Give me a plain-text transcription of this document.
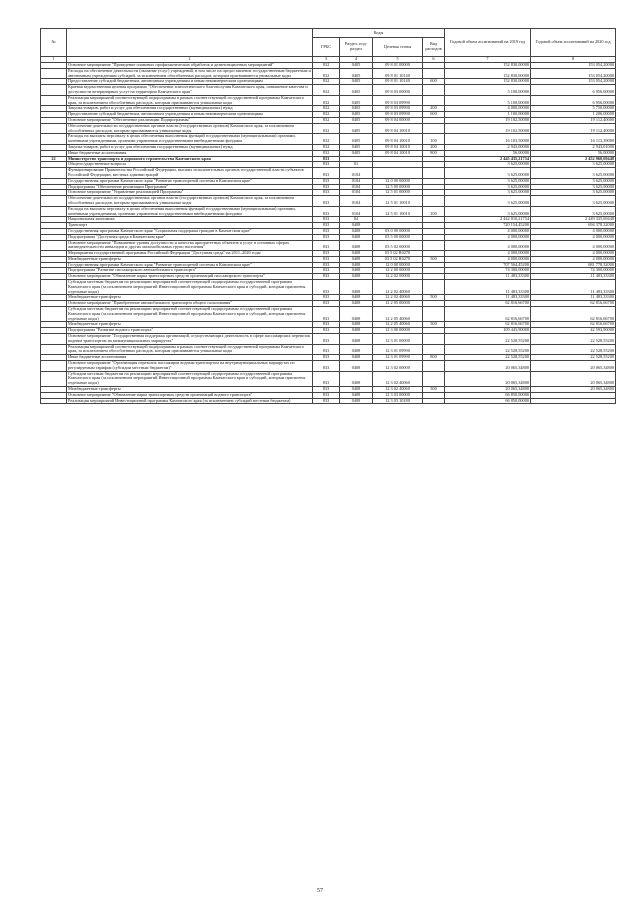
№		Коды				Годовой объем ассигнований на 2019 год	Годовой объем ассигнований на 2020 год
		ГРБС	Раздел, под-раздел	Целевая статья	Вид расходов		
1	2	3	4	5	6	7	8
	Основное мероприятие "Проведение плановых профилактических обработок и дезинсекционных мероприятий"	832	0405	09 8 01 00000		152 830,00000	153 054,20000
	Расходы на обеспечение деятельности (оказание услуг) учреждений, в том числе на предоставление государственным бюджетным и автономным учреждениям субсидий, за исключением обособленных расходов, которым присваиваются уникальные коды	832	0405	09 8 01 10140		152 830,00000	153 054,20000
	Предоставление субсидий бюджетным, автономным учреждениям и иным некоммерческим организациям	832	0405	09 8 01 10140	600	152 830,00000	153 054,20000
	Краевая ведомственная целевая программа "Обеспечение эпизоотического благополучия Камчатского края, повышение качества и доступности ветеринарных услуг на территории Камчатского края"	832	0405	09 8 03 00000		5 100,00000	6 956,00000
	Реализация мероприятий соответствующей подпрограммы в рамках соответствующей государственной программы Камчатского края, за исключением обособленных расходов, которым присваиваются уникальные коды	832	0405	09 8 03 09990		5 100,00000	6 956,00000
	Закупка товаров, работ и услуг для обеспечения государственных (муниципальных) нужд	832	0405	09 8 03 09990	200	4 000,00000	5 750,00000
	Предоставление субсидий бюджетным, автономным учреждениям и иным некоммерческим организациям	832	0405	09 8 03 09990	600	1 100,00000	1 206,00000
	Основное мероприятие "Обеспечение реализации Подпрограммы"	832	0405	09 8 04 00000		19 102,50000	19 112,40000
	Обеспечение деятельности государственных органов власти (государственных органов) Камчатского края, за исключением обособленных расходов, которым присваиваются уникальные коды	832	0405	09 8 04 10010		19 102,50000	19 112,40000
	Расходы на выплаты персоналу в целях обеспечения выполнения функций государственными (муниципальными) органами, казенными учреждениями, органами управления государственными внебюджетными фондами	832	0405	09 8 04 10010	100	16 103,50000	16 113,39000
	Закупка товаров, работ и услуг для обеспечения государственных (муниципальных) нужд	832	0405	09 8 04 10010	200	2 943,00000	2 943,01000
	Иные бюджетные ассигнования	832	0405	09 8 04 10010	800	56,00000	56,00000
22	Министерство транспорта и дорожного строительства Камчатского края	833				2 445 435,21754	2 452 960,69448
	Общегосударственные вопросы	833	01			3 625,00000	3 625,00000
	Функционирование Правительства Российской Федерации, высших исполнительных органов государственной власти субъектов Российской Федерации, местных администраций	833	0104			3 625,00000	3 625,00000
	Государственная программа Камчатского края "Развитие транспортной системы в Камчатском крае"	833	0104	12 0 00 00000		3 625,00000	3 625,00000
	Подпрограмма "Обеспечение реализации Программы"	833	0104	12 5 00 00000		3 625,00000	3 625,00000
	Основное мероприятие "Управление реализацией Программы"	833	0104	12 5 01 00000		3 625,00000	3 625,00000
	Обеспечение деятельности государственных органов власти (государственных органов) Камчатского края, за исключением обособленных расходов, которым присваиваются уникальные коды	833	0104	12 5 01 10010		3 625,00000	3 625,00000
	Расходы на выплаты персоналу в целях обеспечения выполнения функций государственными (муниципальными) органами, казенными учреждениями, органами управления государственными внебюджетными фондами	833	0104	12 5 01 10010	100	3 625,00000	3 625,00000
	Национальная экономика	833	04			2 442 010,21754	2 449 335,69448
	Транспорт	833	0408			720 154,45200	694 378,32000
	Государственная программа Камчатского края "Социальная поддержка граждан в Камчатском крае"	833	0408	03 0 00 00000		4 000,00000	4 000,00000
	Подпрограмма "Доступная среда в Камчатском крае"	833	0408	03 5 00 00000		4 000,00000	4 000,00000
	Основное мероприятие "Повышение уровня доступности и качества приоритетных объектов и услуг в основных сферах жизнедеятельности инвалидов и других маломобильных групп населения"	833	0408	03 5 02 00000		4 000,00000	4 000,00000
	Мероприятия государственной программы Российской Федерации "Доступная среда" на 2011–2020 годы	833	0408	03 5 02 R0270		4 000,00000	4 000,00000
	Межбюджетные трансферты	833	0408	03 5 02 R0270	500	4 000,00000	4 000,00000
	Государственная программа Камчатского края "Развитие транспортной системы в Камчатском крае"	833	0408	12 0 00 00000		707 564,45200	681 778,32000
	Подпрограмма "Развитие пассажирского автомобильного транспорта"	833	0408	12 2 00 00000		74 300,00000	74 300,00000
	Основное мероприятие "Обновление парка транспортных средств организаций пассажирского транспорта"	833	0408	12 2 02 00000		11 483,33300	11 483,33300
	Субсидии местным бюджетам на реализацию мероприятий соответствующей подпрограммы государственной программы Камчатского края (за исключением мероприятий Инвестиционной программы Камчатского края и субсидий, которым присвоены отдельные коды)	833	0408	12 2 02 40060		11 483,33300	11 483,33300
	Межбюджетные трансферты	833	0408	12 2 02 40060	500	11 483,33300	11 483,33300
	Основное мероприятие "Приобретение автомобильного транспорта общего пользования"	833	0408	12 2 05 00000		62 816,66700	62 816,66700
	Субсидии местным бюджетам на реализацию мероприятий соответствующей подпрограммы государственной программы Камчатского края (за исключением мероприятий Инвестиционной программы Камчатского края и субсидий, которым присвоены отдельные коды)	833	0408	12 2 05 40060		62 816,66700	62 816,66700
	Межбюджетные трансферты	833	0408	12 2 05 40060	500	62 816,66700	62 816,66700
	Подпрограмма "Развитие водного транспорта"	833	0408	12 3 00 00000		109 443,90000	42 593,90000
	Основное мероприятие "Государственная поддержка организаций, осуществляющих деятельность в сфере пассажирских перевозок водным транспортом на межмуниципальных маршрутах"	833	0408	12 3 01 00000		22 528,55200	22 528,55200
	Реализация мероприятий соответствующей подпрограммы в рамках соответствующей государственной программы Камчатского края, за исключением обособленных расходов, которым присваиваются уникальные коды	833	0408	12 3 01 09990		22 528,55200	22 528,55200
	Иные бюджетные ассигнования	833	0408	12 3 01 09990	800	22 528,55200	22 528,55200
	Основное мероприятие "Организация перевозок пассажиров водным транспортом на внутримуниципальных маршрутах по регулируемым тарифам (субсидии местным бюджетам)"	833	0408	12 3 02 00000		20 065,34800	20 065,34800
	Субсидии местным бюджетам на реализацию мероприятий соответствующей подпрограммы государственной программы Камчатского края (за исключением мероприятий Инвестиционной программы Камчатского края и субсидий, которым присвоены отдельные коды)	833	0408	12 3 02 40060		20 065,34800	20 065,34800
	Межбюджетные трансферты	833	0408	12 3 02 40060	500	20 065,34800	20 065,34800
	Основное мероприятие "Обновление парка транспортных средств организаций водного транспорта"	833	0408	12 3 03 00000		66 850,00000	
	Реализация мероприятий Инвестиционной программы Камчатского края (за исключением субсидий местным бюджетам)	833	0408	12 3 03 10180		66 850,00000	
57
